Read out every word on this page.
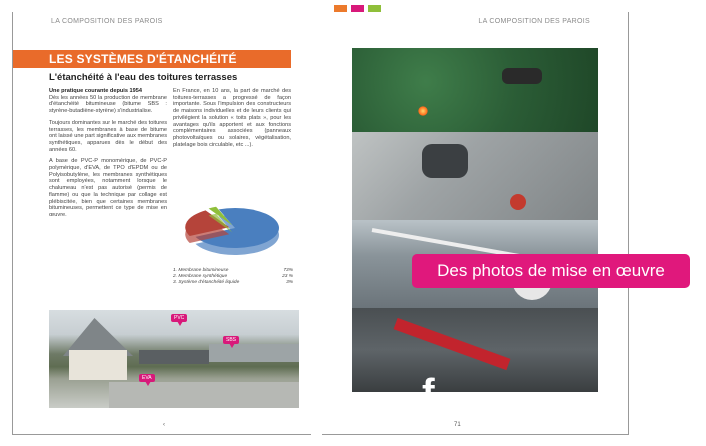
LA COMPOSITION DES PAROIS
LES SYSTÈMES D'ÉTANCHÉITÉ
L'étanchéité à l'eau des toitures terrasses

Une pratique courante depuis 1954
Dès les années 50 la production de membrane d'étanchéité bitumineuse (bitume SBS : styrène-butadiène-styrène) s'industrialise.

Toujours dominantes sur le marché des toitures terrasses, les membranes à base de bitume ont laissé une part significative aux membranes synthétiques, apparues dès le début des années 60.

A base de PVC-P monomérique, de PVC-P polymérique, d'EVA, de TPO d'EPDM ou de Polyisobutylène, les membranes synthétiques sont employées, notamment lorsque le chalumeau n'est pas autorisé (permis de flamme) ou que la technique par collage est plébiscitée, bien que certaines membranes bitumineuses, permettent ce type de mise en œuvre.

En France, en 10 ans, la part de marché des toitures-terrasses a progressé de façon importante. Sous l'impulsion des constructeurs de maisons individuelles et de leurs clients qui privilégient la solution « toits plats », pour les avantages qu'ils apportent et aux fonctions complémentaires associées (panneaux photovoltaïques ou solaires, végétalisation, platelage bois circulable, etc ...).

1. Membrane bitumineuse	73%
2. Membrane synthétique	23 %
3. Système d'étanchéité liquide	3%
PVC
SBS
EVA
‹
LA COMPOSITION DES PAROIS
f
71
Des photos de mise en œuvre
